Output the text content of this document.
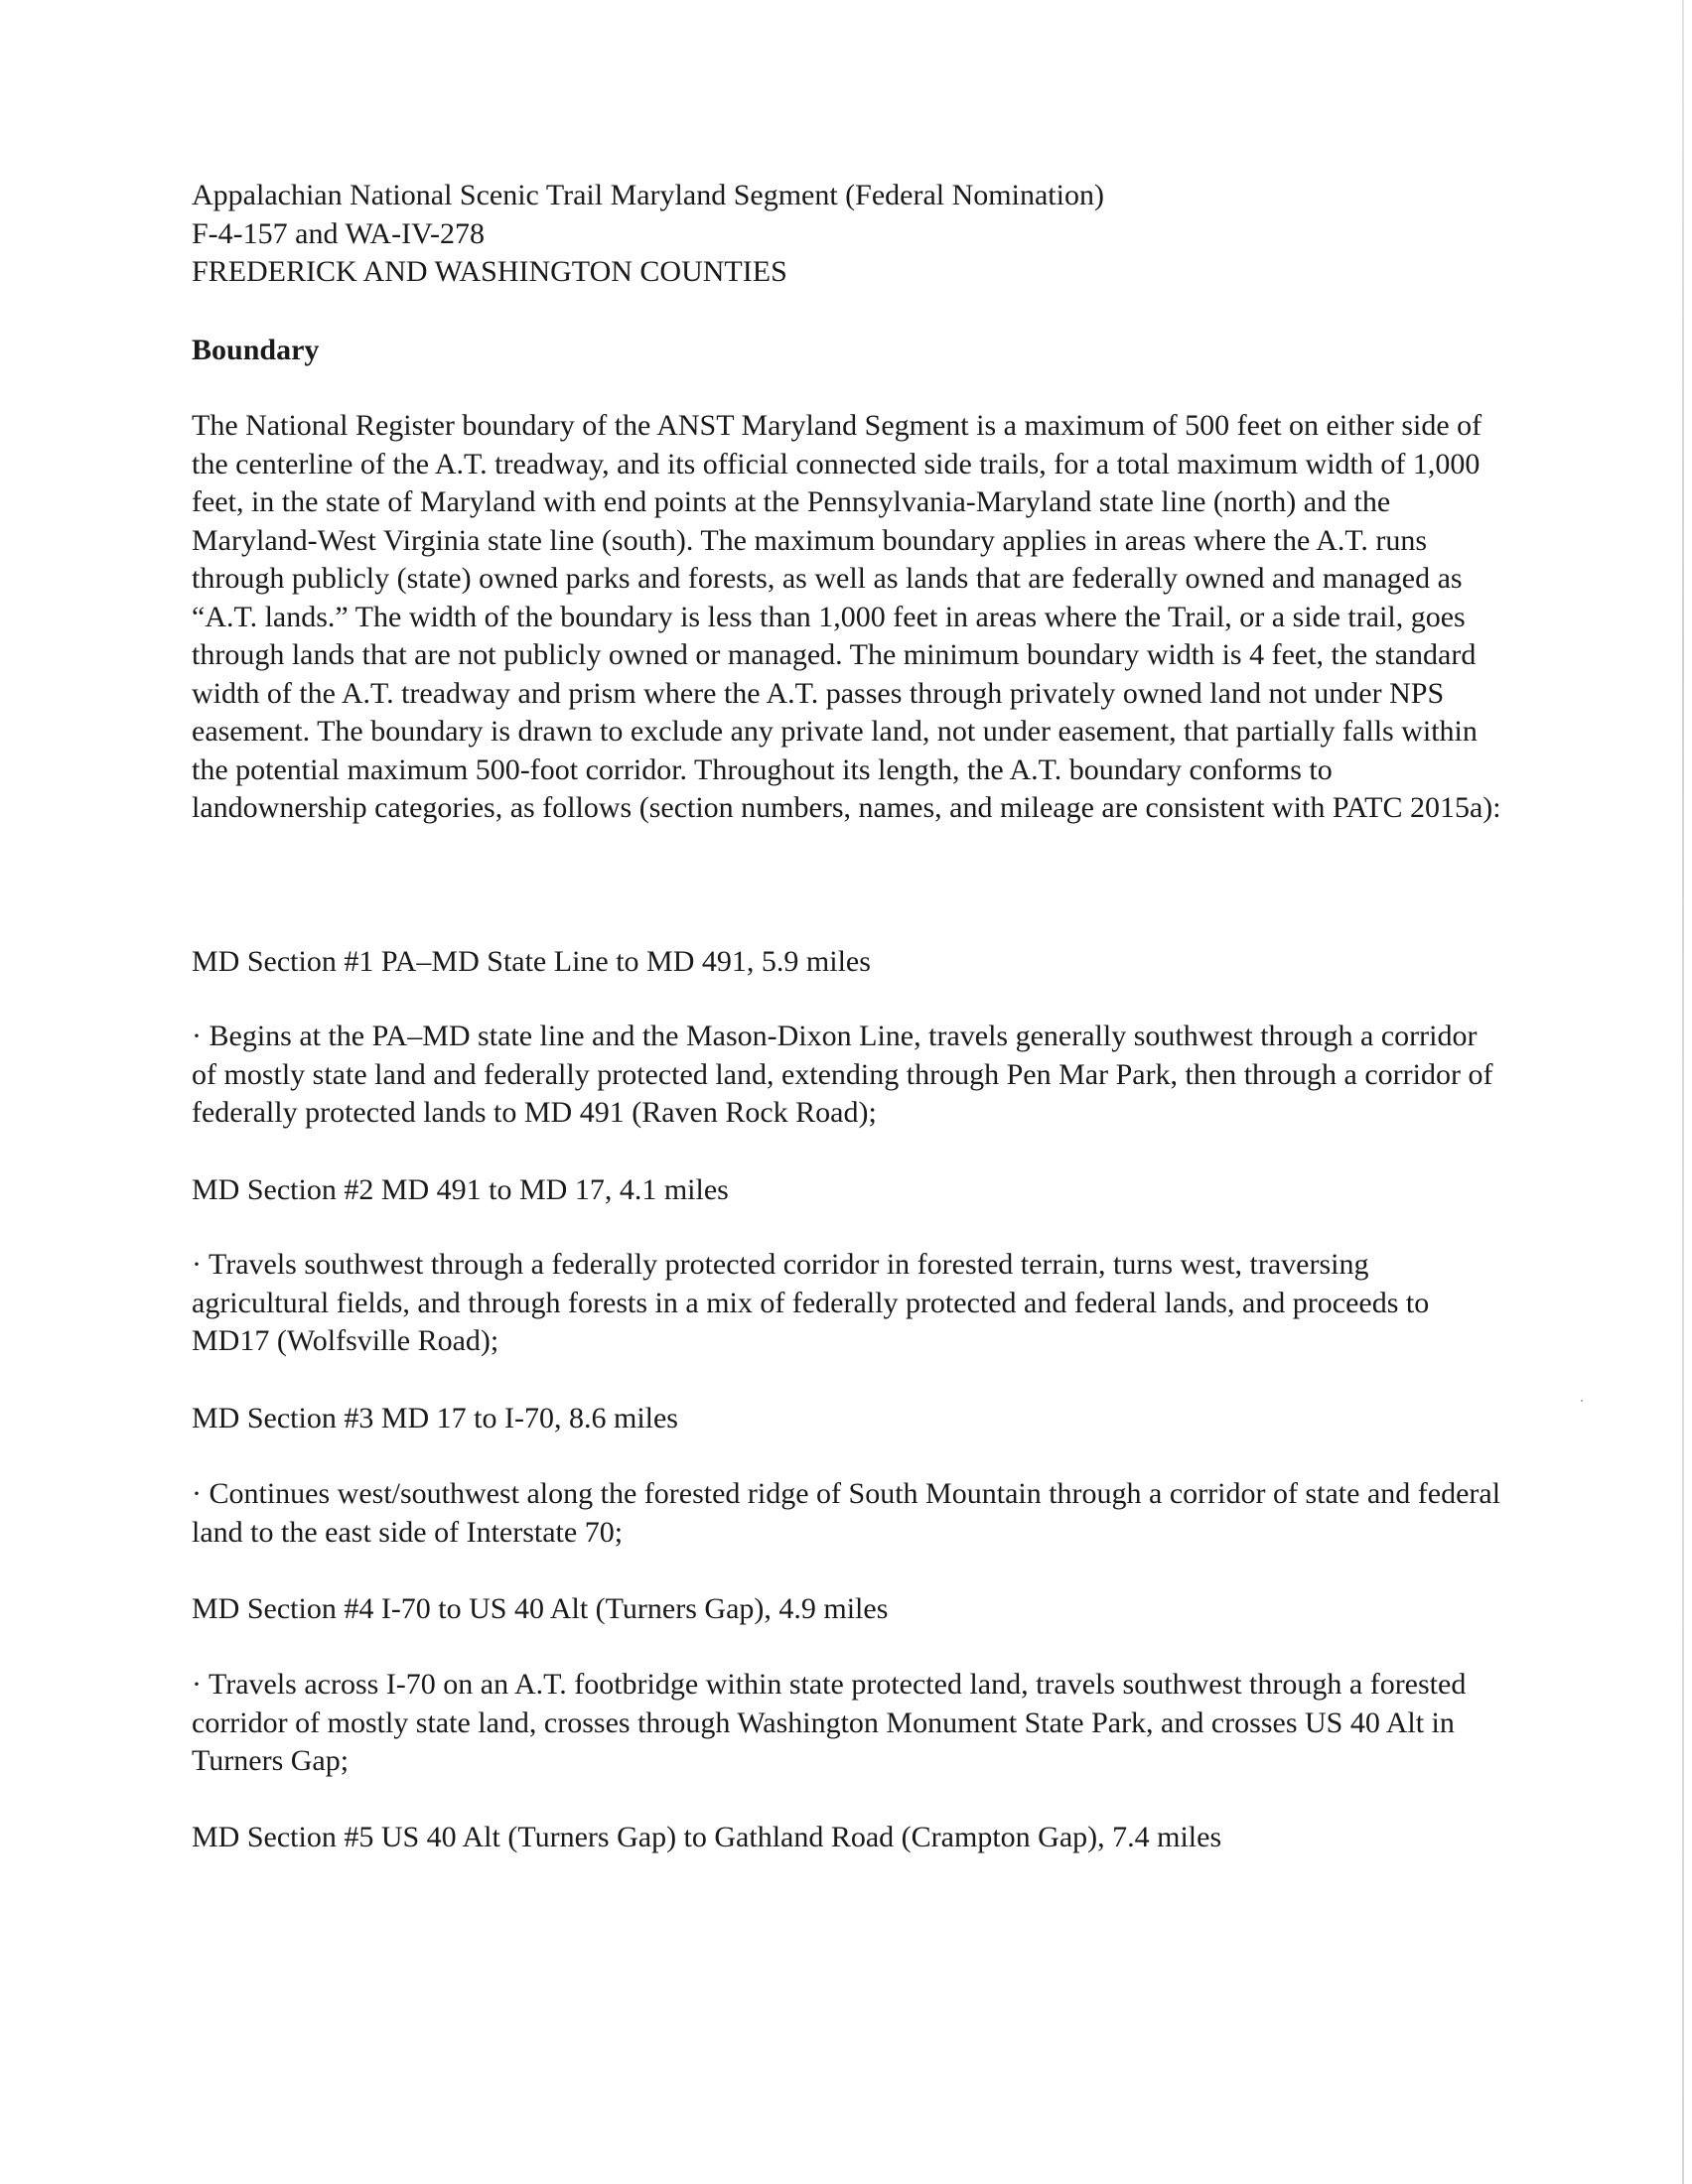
Appalachian National Scenic Trail Maryland Segment (Federal Nomination)
F-4-157 and WA-IV-278
FREDERICK AND WASHINGTON COUNTIES
Boundary

The National Register boundary of the ANST Maryland Segment is a maximum of 500 feet on either side of the centerline of the A.T. treadway, and its official connected side trails, for a total maximum width of 1,000 feet, in the state of Maryland with end points at the Pennsylvania-Maryland state line (north) and the Maryland-West Virginia state line (south). The maximum boundary applies in areas where the A.T. runs through publicly (state) owned parks and forests, as well as lands that are federally owned and managed as “A.T. lands.” The width of the boundary is less than 1,000 feet in areas where the Trail, or a side trail, goes through lands that are not publicly owned or managed. The minimum boundary width is 4 feet, the standard width of the A.T. treadway and prism where the A.T. passes through privately owned land not under NPS easement. The boundary is drawn to exclude any private land, not under easement, that partially falls within the potential maximum 500-foot corridor. Throughout its length, the A.T. boundary conforms to landownership categories, as follows (section numbers, names, and mileage are consistent with PATC 2015a):

MD Section #1 PA–MD State Line to MD 491, 5.9 miles

· Begins at the PA–MD state line and the Mason-Dixon Line, travels generally southwest through a corridor of mostly state land and federally protected land, extending through Pen Mar Park, then through a corridor of federally protected lands to MD 491 (Raven Rock Road);

MD Section #2 MD 491 to MD 17, 4.1 miles

· Travels southwest through a federally protected corridor in forested terrain, turns west, traversing agricultural fields, and through forests in a mix of federally protected and federal lands, and proceeds to MD17 (Wolfsville Road);

MD Section #3 MD 17 to I-70, 8.6 miles

· Continues west/southwest along the forested ridge of South Mountain through a corridor of state and federal land to the east side of Interstate 70;

MD Section #4 I-70 to US 40 Alt (Turners Gap), 4.9 miles

· Travels across I-70 on an A.T. footbridge within state protected land, travels southwest through a forested corridor of mostly state land, crosses through Washington Monument State Park, and crosses US 40 Alt in Turners Gap;

MD Section #5 US 40 Alt (Turners Gap) to Gathland Road (Crampton Gap), 7.4 miles
